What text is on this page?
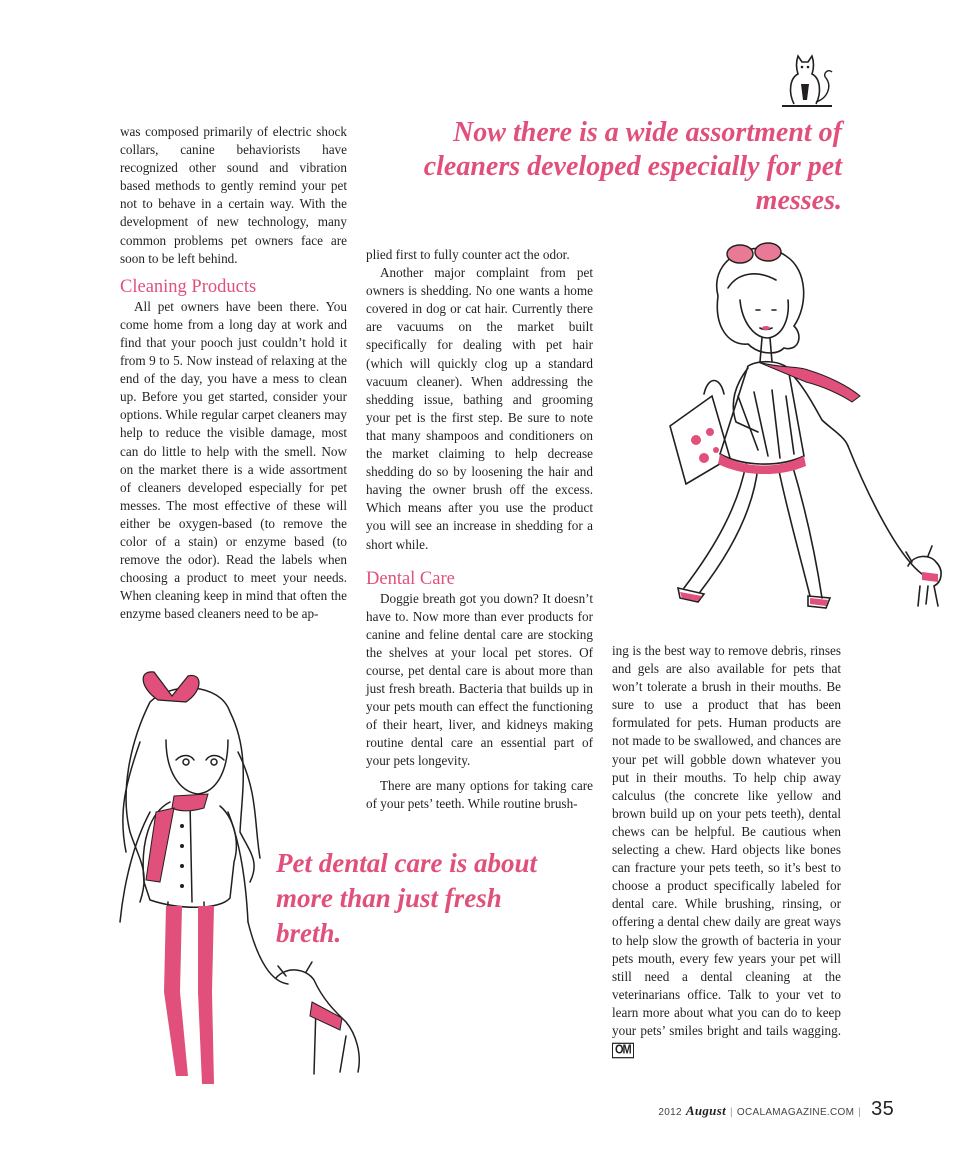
was composed primarily of electric shock collars, canine behaviorists have recognized other sound and vibration based methods to gently remind your pet not to behave in a certain way. With the development of new technology, many common problems pet owners face are soon to be left behind.

Cleaning Products

All pet owners have been there. You come home from a long day at work and find that your pooch just couldn’t hold it from 9 to 5. Now instead of relaxing at the end of the day, you have a mess to clean up. Before you get started, consider your options. While regular carpet cleaners may help to reduce the visible damage, most can do little to help with the smell. Now on the market there is a wide assortment of cleaners developed especially for pet messes. The most effective of these will either be oxygen-based (to remove the color of a stain) or enzyme based (to remove the odor). Read the labels when choosing a product to meet your needs. When cleaning keep in mind that often the enzyme based cleaners need to be ap-

Now there is a wide assortment of cleaners developed especially for pet messes.

plied first to fully counter act the odor.

Another major complaint from pet owners is shedding. No one wants a home covered in dog or cat hair. Currently there are vacuums on the market built specifically for dealing with pet hair (which will quickly clog up a standard vacuum cleaner). When addressing the shedding issue, bathing and grooming your pet is the first step. Be sure to note that many shampoos and conditioners on the market claiming to help decrease shedding do so by loosening the hair and having the owner brush off the excess. Which means after you use the product you will see an increase in shedding for a short while.

Dental Care

Doggie breath got you down? It doesn’t have to. Now more than ever products for canine and feline dental care are stocking the shelves at your local pet stores. Of course, pet dental care is about more than just fresh breath. Bacteria that builds up in your pets mouth can effect the functioning of their heart, liver, and kidneys making routine dental care an essential part of your pets longevity.

There are many options for taking care of your pets’ teeth. While routine brush-

ing is the best way to remove debris, rinses and gels are also available for pets that won’t tolerate a brush in their mouths. Be sure to use a product that has been formulated for pets. Human products are not made to be swallowed, and chances are your pet will gobble down whatever you put in their mouths. To help chip away calculus (the concrete like yellow and brown build up on your pets teeth), dental chews can be helpful. Be cautious when selecting a chew. Hard objects like bones can fracture your pets teeth, so it’s best to choose a product specifically labeled for dental care. While brushing, rinsing, or offering a dental chew daily are great ways to help slow the growth of bacteria in your pets mouth, every few years your pet will still need a dental cleaning at the veterinarians office. Talk to your vet to learn more about what you can do to keep your pets’ smiles bright and tails wagging. OM

Pet dental care is about more than just fresh breth.
2012 August | OCALAMAGAZINE.COM | 35
